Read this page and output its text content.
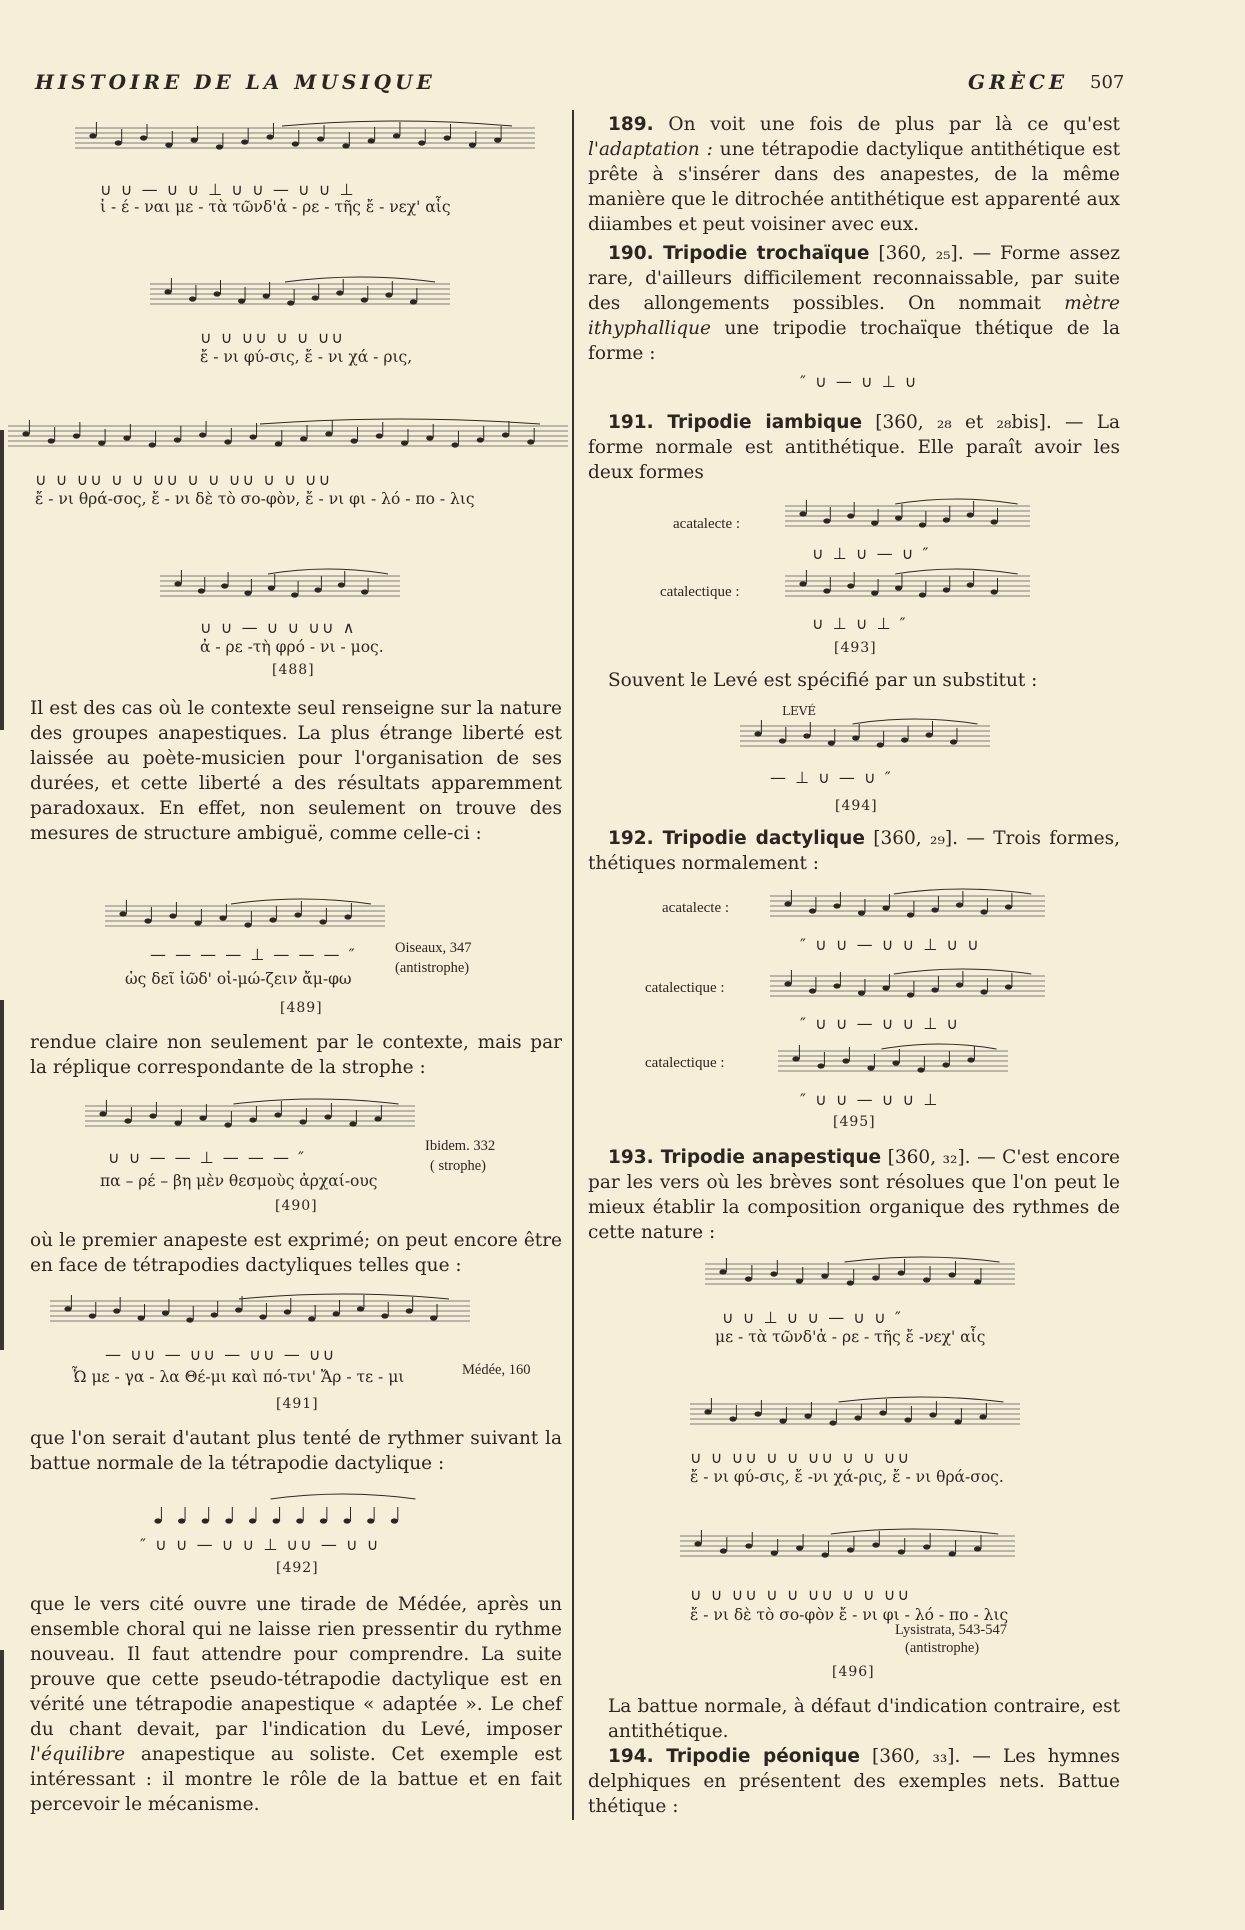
HISTOIRE DE LA MUSIQUE	GRÈCE 507
∪ ∪ — ∪ ∪ ⊥ ∪ ∪ — ∪ ∪ ⊥
ἰ - έ - ναι με - τὰ τῶνδ'ἀ - ρε - τῆς ἔ - νεχ' αἷς
∪ ∪ ∪∪ ∪ ∪ ∪∪
ἔ - νι φύ-σις, ἔ - νι χά - ρις,
∪ ∪ ∪∪ ∪ ∪ ∪∪ ∪ ∪ ∪∪ ∪ ∪ ∪∪
ἔ - νι θρά-σος, ἔ - νι δὲ τὸ σο-φὸν, ἔ - νι φι - λό - πο - λις
∪ ∪ — ∪ ∪ ∪∪ ∧
ἀ - ρε -τὴ φρό - νι - μος.
[488]

Il est des cas où le contexte seul renseigne sur la nature des groupes anapestiques. La plus étrange liberté est laissée au poète-musicien pour l'organisation de ses durées, et cette liberté a des résultats apparemment paradoxaux. En effet, non seulement on trouve des mesures de structure ambiguë, comme celle-ci :

— — — — ⊥ — — — ″
ὡς δεῖ ἰῶδ' οἰ-μώ-ζειν ἄμ-φω
Oiseaux, 347
(antistrophe)
[489]

rendue claire non seulement par le contexte, mais par la réplique correspondante de la strophe :

∪ ∪ — — ⊥ — — — ″
πα – ρέ – βη μὲν θεσμοὺς ἀρχαί-ους
Ibidem. 332
( strophe)
[490]

où le premier anapeste est exprimé; on peut encore être en face de tétrapodies dactyliques telles que :

— ∪∪ — ∪∪ — ∪∪ — ∪∪
Ὦ με - γα - λα Θέ-μι καὶ πό-τνι' Ἄρ - τε - μι	Médée, 160
[491]

que l'on serait d'autant plus tenté de rythmer suivant la battue normale de la tétrapodie dactylique :

″ ∪ ∪ — ∪ ∪ ⊥ ∪∪ — ∪ ∪
[492]

que le vers cité ouvre une tirade de Médée, après un ensemble choral qui ne laisse rien pressentir du rythme nouveau. Il faut attendre pour comprendre. La suite prouve que cette pseudo-tétrapodie dactylique est en vérité une tétrapodie anapestique « adaptée ». Le chef du chant devait, par l'indication du Levé, imposer l'équilibre anapestique au soliste. Cet exemple est intéressant : il montre le rôle de la battue et en fait percevoir le mécanisme.

189. On voit une fois de plus par là ce qu'est l'adaptation : une tétrapodie dactylique antithétique est prête à s'insérer dans des anapestes, de la même manière que le ditrochée antithétique est apparenté aux diiambes et peut voisiner avec eux.

190. Tripodie trochaïque [360, ₂₅]. — Forme assez rare, d'ailleurs difficilement reconnaissable, par suite des allongements possibles. On nommait mètre ithyphallique une tripodie trochaïque thétique de la forme :

″ ∪ — ∪ ⊥ ∪

191. Tripodie iambique [360, ₂₈ et ₂₈bis]. — La forme normale est antithétique. Elle paraît avoir les deux formes

acatalecte :
∪ ⊥ ∪ — ∪ ″
catalectique :
∪ ⊥ ∪ ⊥ ″
[493]

Souvent le Levé est spécifié par un substitut :

LEVÉ
— ⊥ ∪ — ∪ ″
[494]

192. Tripodie dactylique [360, ₂₉]. — Trois formes, thétiques normalement :

acatalecte :
″ ∪ ∪ — ∪ ∪ ⊥ ∪ ∪
catalectique :
″ ∪ ∪ — ∪ ∪ ⊥ ∪
catalectique :
″ ∪ ∪ — ∪ ∪ ⊥
[495]

193. Tripodie anapestique [360, ₃₂]. — C'est encore par les vers où les brèves sont résolues que l'on peut le mieux établir la composition organique des rythmes de cette nature :

∪ ∪ ⊥ ∪ ∪ — ∪ ∪ ″
με - τὰ τῶνδ'ἀ - ρε - τῆς ἔ -νεχ' αἷς
∪ ∪ ∪∪ ∪ ∪ ∪∪ ∪ ∪ ∪∪
ἔ - νι φύ-σις, ἔ -νι χά-ρις, ἔ - νι θρά-σος.
∪ ∪ ∪∪ ∪ ∪ ∪∪ ∪ ∪ ∪∪
ἔ - νι δὲ τὸ σο-φὸν ἔ - νι φι - λό - πο - λις
Lysistrata, 543-547
(antistrophe)
[496]

La battue normale, à défaut d'indication contraire, est antithétique.

194. Tripodie péonique [360, ₃₃]. — Les hymnes delphiques en présentent des exemples nets. Battue thétique :
